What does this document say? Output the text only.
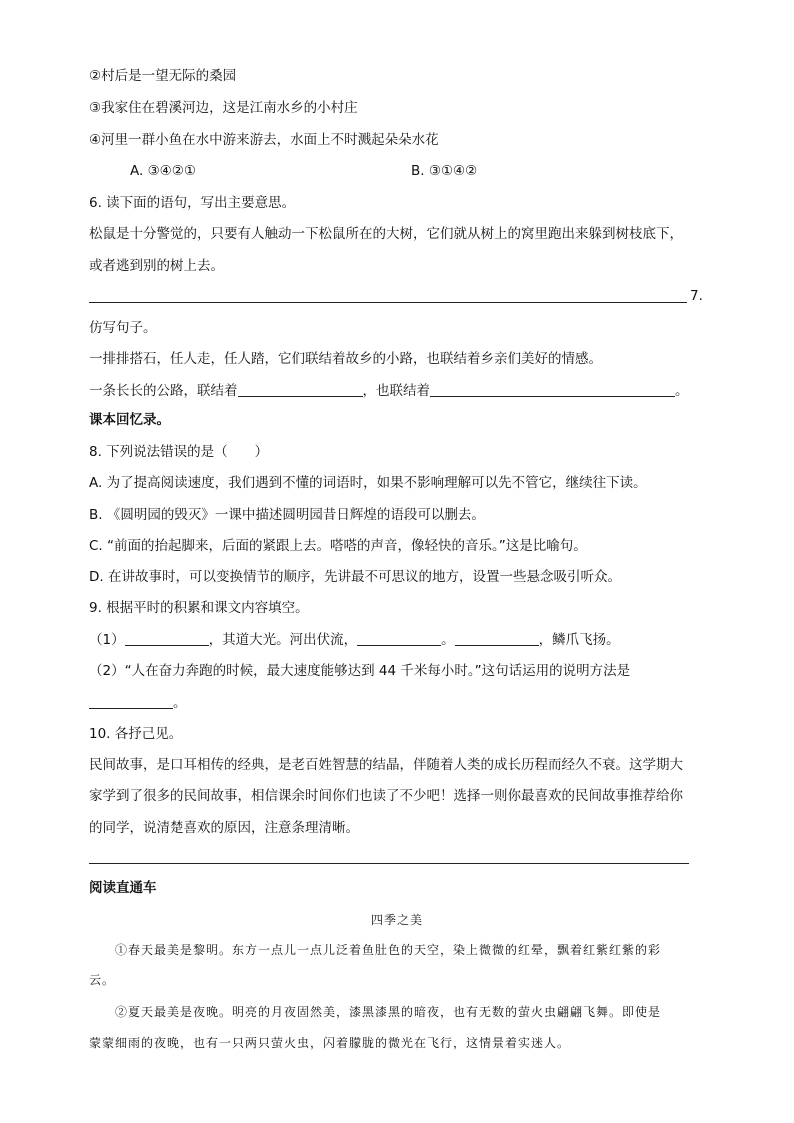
②村后是一望无际的桑园
③我家住在碧溪河边，这是江南水乡的小村庄
④河里一群小鱼在水中游来游去，水面上不时溅起朵朵水花
A. ③④②①	B. ③①④②
6. 读下面的语句，写出主要意思。
松鼠是十分警觉的，只要有人触动一下松鼠所在的大树，它们就从树上的窝里跑出来躲到树枝底下，
或者逃到别的树上去。
7.
仿写句子。
一排排搭石，任人走，任人踏，它们联结着故乡的小路，也联结着乡亲们美好的情感。
一条长长的公路，联结着	，也联结着	。
课本回忆录。
8. 下列说法错误的是（　　）
A. 为了提高阅读速度，我们遇到不懂的词语时，如果不影响理解可以先不管它，继续往下读。
B. 《圆明园的毁灭》一课中描述圆明园昔日辉煌的语段可以删去。
C. “前面的抬起脚来，后面的紧跟上去。嗒嗒的声音，像轻快的音乐。”这是比喻句。
D. 在讲故事时，可以变换情节的顺序，先讲最不可思议的地方，设置一些悬念吸引听众。
9. 根据平时的积累和课文内容填空。
（1）	，其道大光。河出伏流，	。	，鳞爪飞扬。
（2）“人在奋力奔跑的时候，最大速度能够达到 44 千米每小时。”这句话运用的说明方法是
。
10. 各抒己见。
民间故事，是口耳相传的经典，是老百姓智慧的结晶，伴随着人类的成长历程而经久不衰。这学期大
家学到了很多的民间故事，相信课余时间你们也读了不少吧！选择一则你最喜欢的民间故事推荐给你
的同学，说清楚喜欢的原因，注意条理清晰。
阅读直通车
四季之美
①春天最美是黎明。东方一点儿一点儿泛着鱼肚色的天空，染上微微的红晕，飘着红紫红紫的彩
云。
②夏天最美是夜晚。明亮的月夜固然美，漆黑漆黑的暗夜，也有无数的萤火虫翩翩飞舞。即使是
蒙蒙细雨的夜晚，也有一只两只萤火虫，闪着朦胧的微光在飞行，这情景着实迷人。
